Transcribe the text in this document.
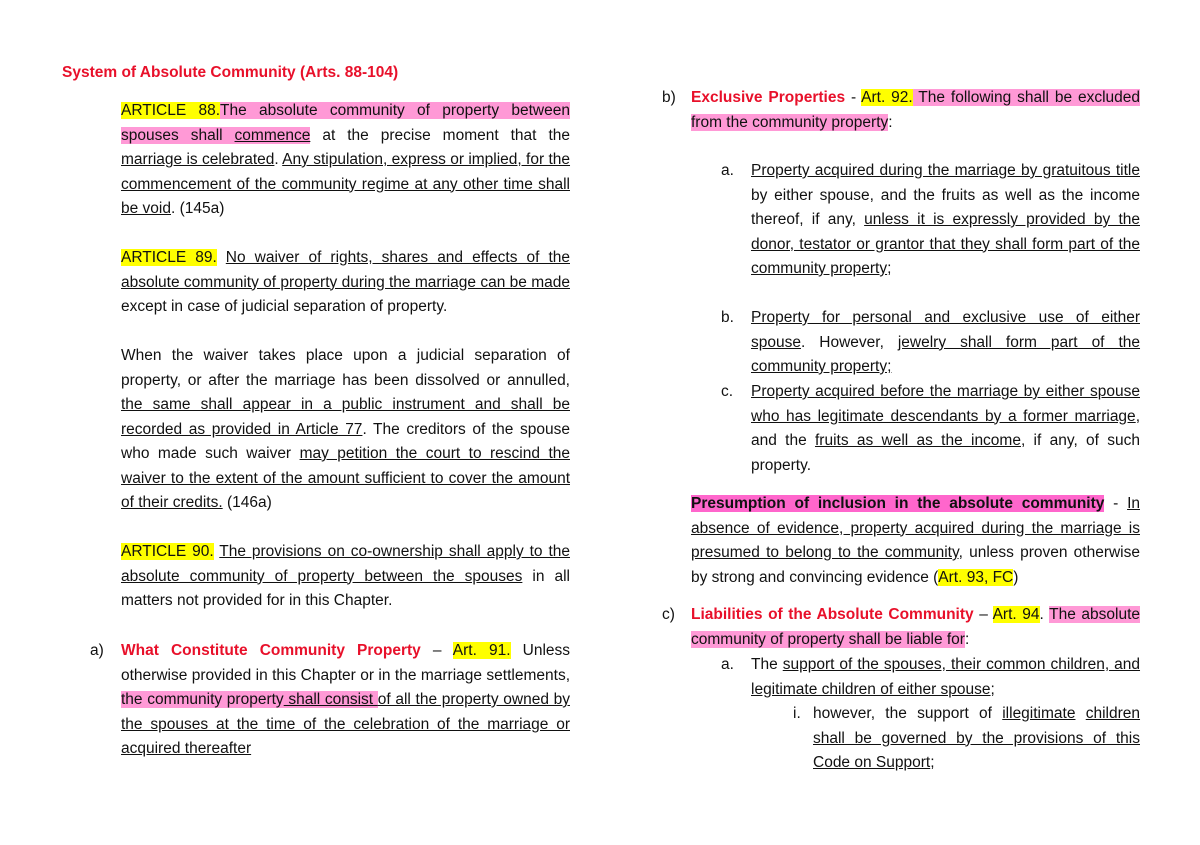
System of Absolute Community (Arts. 88-104)
ARTICLE 88.The absolute community of property between spouses shall commence at the precise moment that the marriage is celebrated. Any stipulation, express or implied, for the commencement of the community regime at any other time shall be void. (145a)
ARTICLE 89. No waiver of rights, shares and effects of the absolute community of property during the marriage can be made except in case of judicial separation of property.
When the waiver takes place upon a judicial separation of property, or after the marriage has been dissolved or annulled, the same shall appear in a public instrument and shall be recorded as provided in Article 77. The creditors of the spouse who made such waiver may petition the court to rescind the waiver to the extent of the amount sufficient to cover the amount of their credits. (146a)
ARTICLE 90. The provisions on co-ownership shall apply to the absolute community of property between the spouses in all matters not provided for in this Chapter.
a) What Constitute Community Property – Art. 91. Unless otherwise provided in this Chapter or in the marriage settlements, the community property shall consist of all the property owned by the spouses at the time of the celebration of the marriage or acquired thereafter
b) Exclusive Properties - Art. 92. The following shall be excluded from the community property:
a. Property acquired during the marriage by gratuitous title by either spouse, and the fruits as well as the income thereof, if any, unless it is expressly provided by the donor, testator or grantor that they shall form part of the community property;
b. Property for personal and exclusive use of either spouse. However, jewelry shall form part of the community property;
c. Property acquired before the marriage by either spouse who has legitimate descendants by a former marriage, and the fruits as well as the income, if any, of such property.
Presumption of inclusion in the absolute community - In absence of evidence, property acquired during the marriage is presumed to belong to the community, unless proven otherwise by strong and convincing evidence (Art. 93, FC)
c) Liabilities of the Absolute Community – Art. 94. The absolute community of property shall be liable for:
a. The support of the spouses, their common children, and legitimate children of either spouse;
i. however, the support of illegitimate children shall be governed by the provisions of this Code on Support;
